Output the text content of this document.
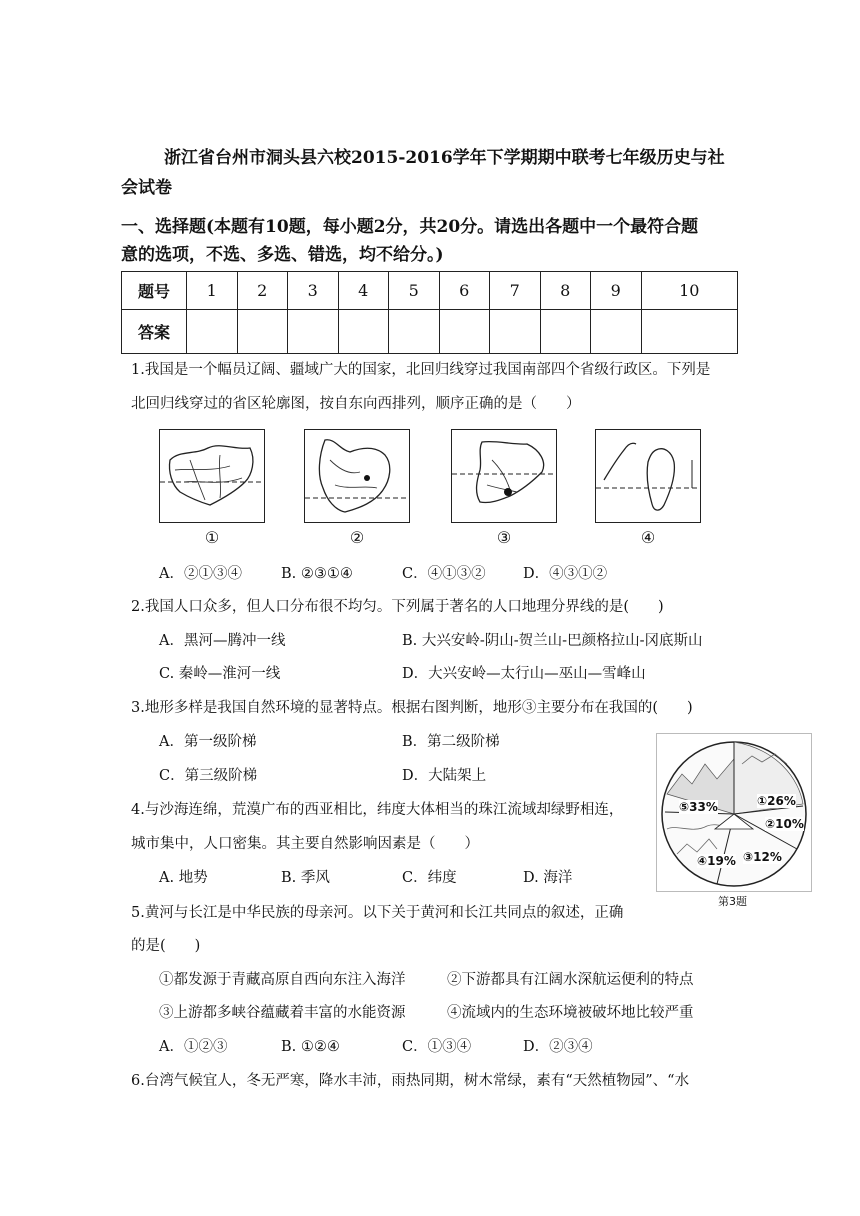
浙江省台州市洞头县六校2015-2016学年下学期期中联考七年级历史与社
会试卷
一、选择题(本题有10题，每小题2分，共20分。请选出各题中一个最符合题
意的选项，不选、多选、错选，均不给分。)
题号	1	2	3	4	5	6	7	8	9	10
答案										
1.我国是一个幅员辽阔、疆域广大的国家，北回归线穿过我国南部四个省级行政区。下列是
北回归线穿过的省区轮廓图，按自东向西排列，顺序正确的是（　　）
①	②	③	④
A．②①③④	B. ②③①④	C．④①③②	D．④③①②
2.我国人口众多，但人口分布很不均匀。下列属于著名的人口地理分界线的是(　　)
A．黑河—腾冲一线	B. 大兴安岭-阴山-贺兰山-巴颜格拉山-冈底斯山
C. 秦岭—淮河一线	D．大兴安岭—太行山—巫山—雪峰山
3.地形多样是我国自然环境的显著特点。根据右图判断，地形③主要分布在我国的(　　)
A．第一级阶梯	B．第二级阶梯
C．第三级阶梯	D．大陆架上
⑤33%	①26%
②10%
④19% ③12%
第3题
4.与沙海连绵，荒漠广布的西亚相比，纬度大体相当的珠江流域却绿野相连，
城市集中，人口密集。其主要自然影响因素是（　　）
A. 地势	B. 季风	C．纬度	D. 海洋
5.黄河与长江是中华民族的母亲河。以下关于黄河和长江共同点的叙述，正确
的是(　　)
①都发源于青藏高原自西向东注入海洋	②下游都具有江阔水深航运便利的特点
③上游都多峡谷蕴藏着丰富的水能资源	④流域内的生态环境被破坏地比较严重
A．①②③	B. ①②④	C．①③④	D．②③④
6.台湾气候宜人，冬无严寒，降水丰沛，雨热同期，树木常绿，素有“天然植物园”、“水
